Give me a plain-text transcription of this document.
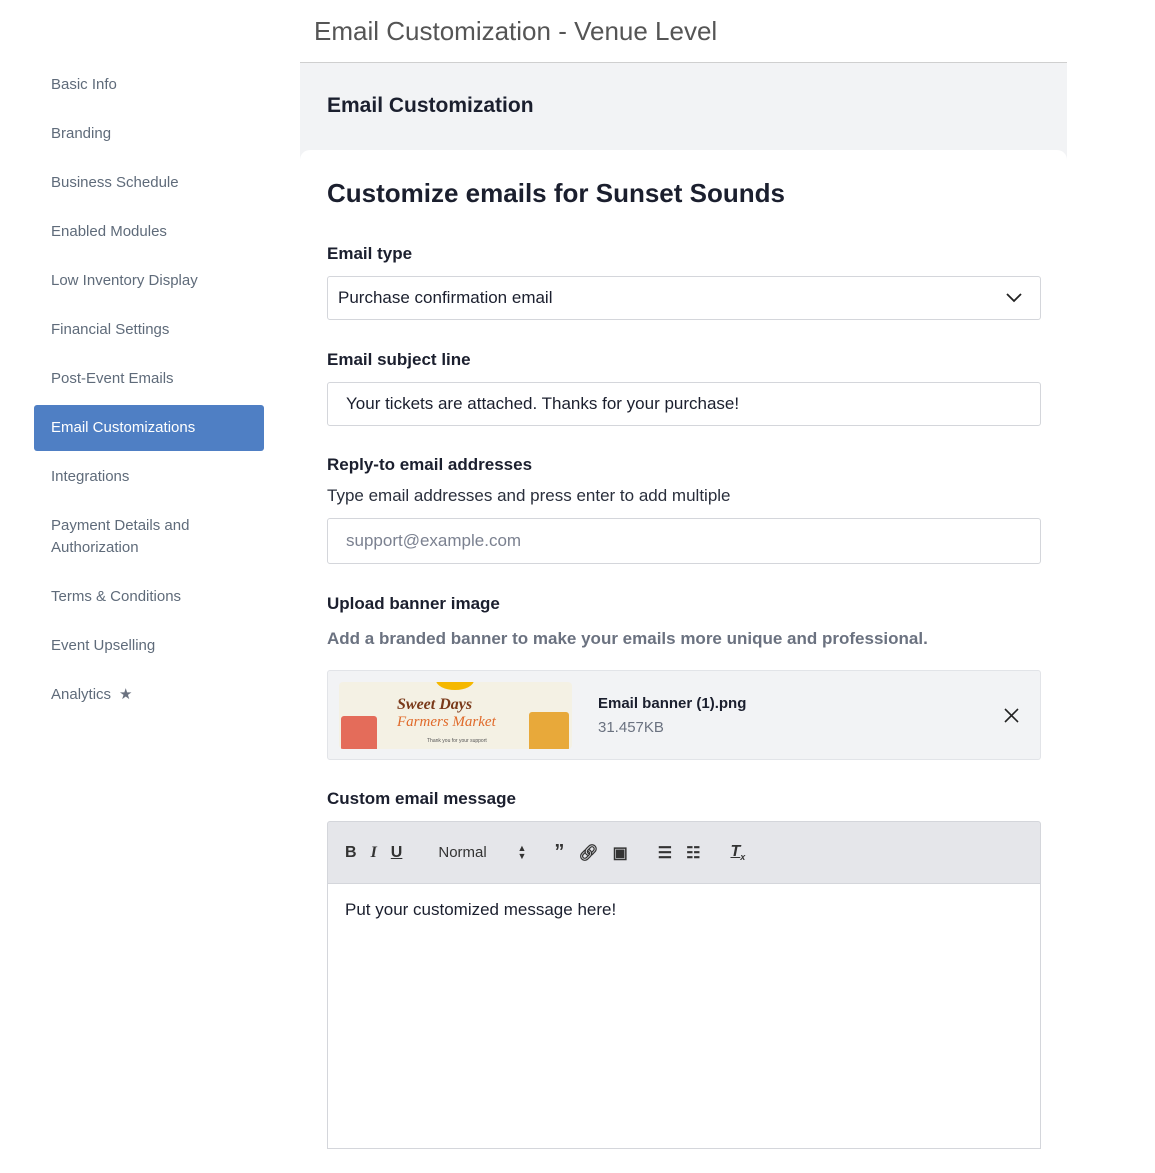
Email Customization - Venue Level
Basic Info
Branding
Business Schedule
Enabled Modules
Low Inventory Display
Financial Settings
Post-Event Emails
Email Customizations
Integrations
Payment Details and Authorization
Terms & Conditions
Event Upselling
Analytics ★
Email Customization
Customize emails for Sunset Sounds
Email type
Purchase confirmation email
Email subject line
Your tickets are attached. Thanks for your purchase!
Reply-to email addresses
Type email addresses and press enter to add multiple
support@example.com
Upload banner image
Add a branded banner to make your emails more unique and professional.
Sweet Days
Farmers Market
Thank you for your support
Email banner (1).png
31.457KB
Custom email message
B I U Normal	▲
▼ ” 🔗︎ ▣ ☰ ☷ $T_x$
Put your customized message here!
